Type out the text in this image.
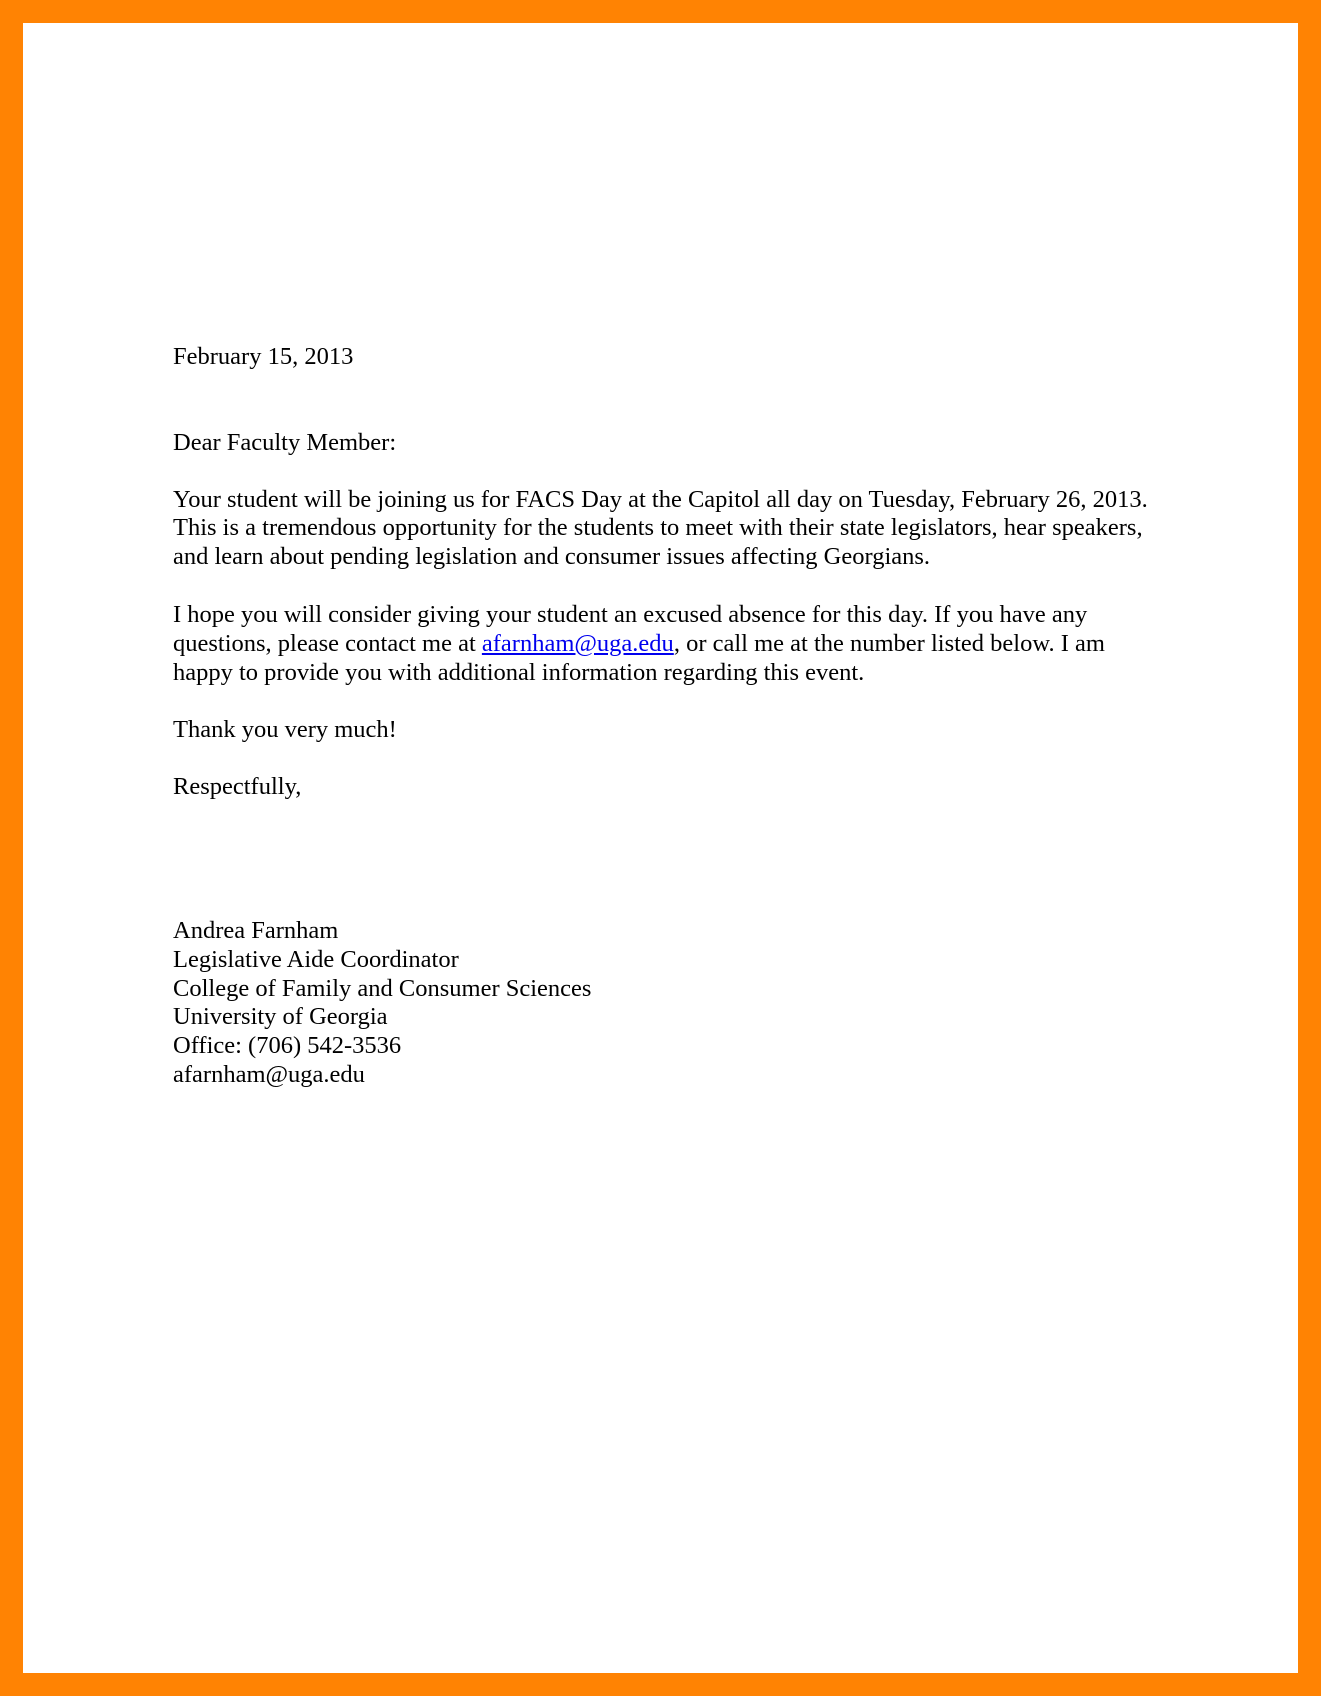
February 15, 2013

Dear Faculty Member:

Your student will be joining us for FACS Day at the Capitol all day on Tuesday, February 26, 2013. This is a tremendous opportunity for the students to meet with their state legislators, hear speakers, and learn about pending legislation and consumer issues affecting Georgians.

I hope you will consider giving your student an excused absence for this day. If you have any questions, please contact me at afarnham@uga.edu, or call me at the number listed below. I am happy to provide you with additional information regarding this event.

Thank you very much!

Respectfully,

Andrea Farnham
Legislative Aide Coordinator
College of Family and Consumer Sciences
University of Georgia
Office: (706) 542-3536
afarnham@uga.edu
